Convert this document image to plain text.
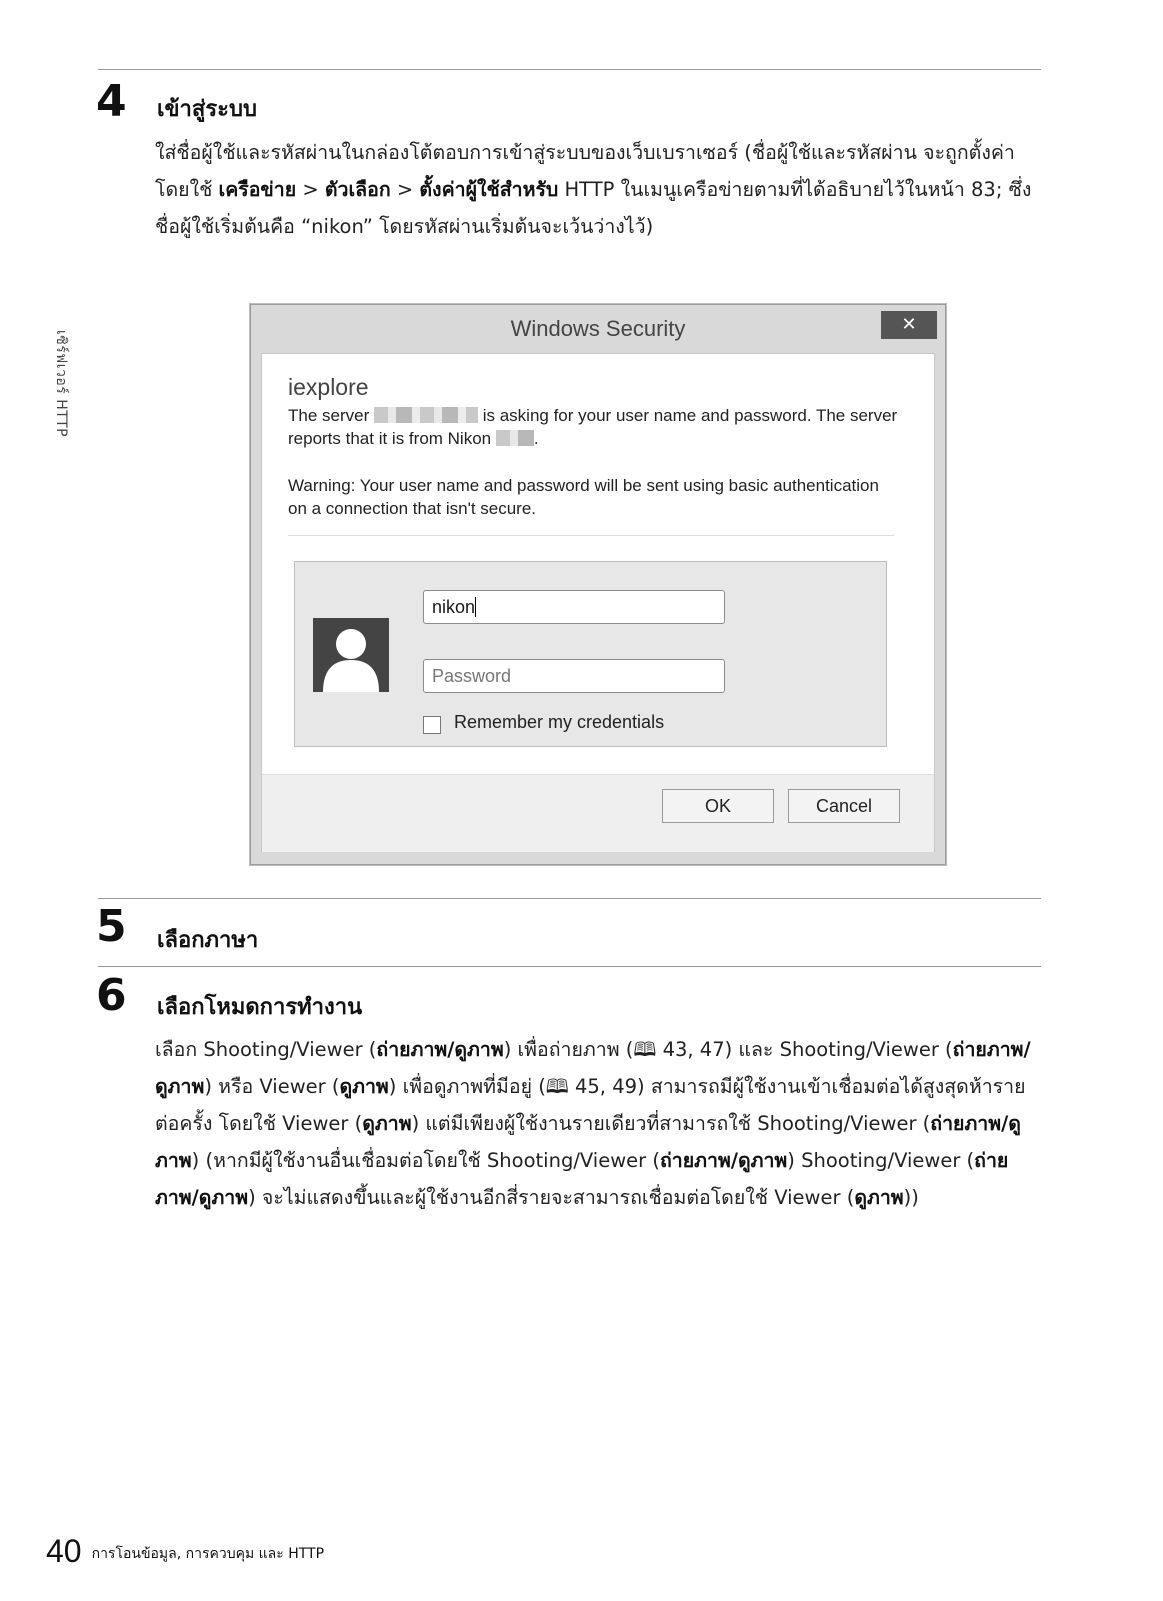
เซิร์ฟเวอร์ HTTP
4 เข้าสู่ระบบ
ใส่ชื่อผู้ใช้และรหัสผ่านในกล่องโต้ตอบการเข้าสู่ระบบของเว็บเบราเซอร์ (ชื่อผู้ใช้และรหัสผ่าน จะถูกตั้งค่าโดยใช้ เครือข่าย > ตัวเลือก > ตั้งค่าผู้ใช้สำหรับ HTTP ในเมนูเครือข่ายตามที่ได้อธิบายไว้ในหน้า 83; ซึ่งชื่อผู้ใช้เริ่มต้นคือ “nikon” โดยรหัสผ่านเริ่มต้นจะเว้นว่างไว้)
Windows Security	✕
iexplore
The server	is asking for your user name and password. The server reports that it is from Nikon	.
Warning: Your user name and password will be sent using basic authentication on a connection that isn't secure.
nikon
Password
Remember my credentials
OK	Cancel
5 เลือกภาษา
6 เลือกโหมดการทำงาน
เลือก Shooting/Viewer (ถ่ายภาพ/ดูภาพ) เพื่อถ่ายภาพ (🕮 43, 47) และ Shooting/Viewer (ถ่ายภาพ/ดูภาพ) หรือ Viewer (ดูภาพ) เพื่อดูภาพที่มีอยู่ (🕮 45, 49) สามารถมีผู้ใช้งานเข้าเชื่อมต่อได้สูงสุดห้ารายต่อครั้ง โดยใช้ Viewer (ดูภาพ) แต่มีเพียงผู้ใช้งานรายเดียวที่สามารถใช้ Shooting/Viewer (ถ่ายภาพ/ดูภาพ) (หากมีผู้ใช้งานอื่นเชื่อมต่อโดยใช้ Shooting/Viewer (ถ่ายภาพ/ดูภาพ) Shooting/Viewer (ถ่ายภาพ/ดูภาพ) จะไม่แสดงขึ้นและผู้ใช้งานอีกสี่รายจะสามารถเชื่อมต่อโดยใช้ Viewer (ดูภาพ))
40 การโอนข้อมูล, การควบคุม และ HTTP
